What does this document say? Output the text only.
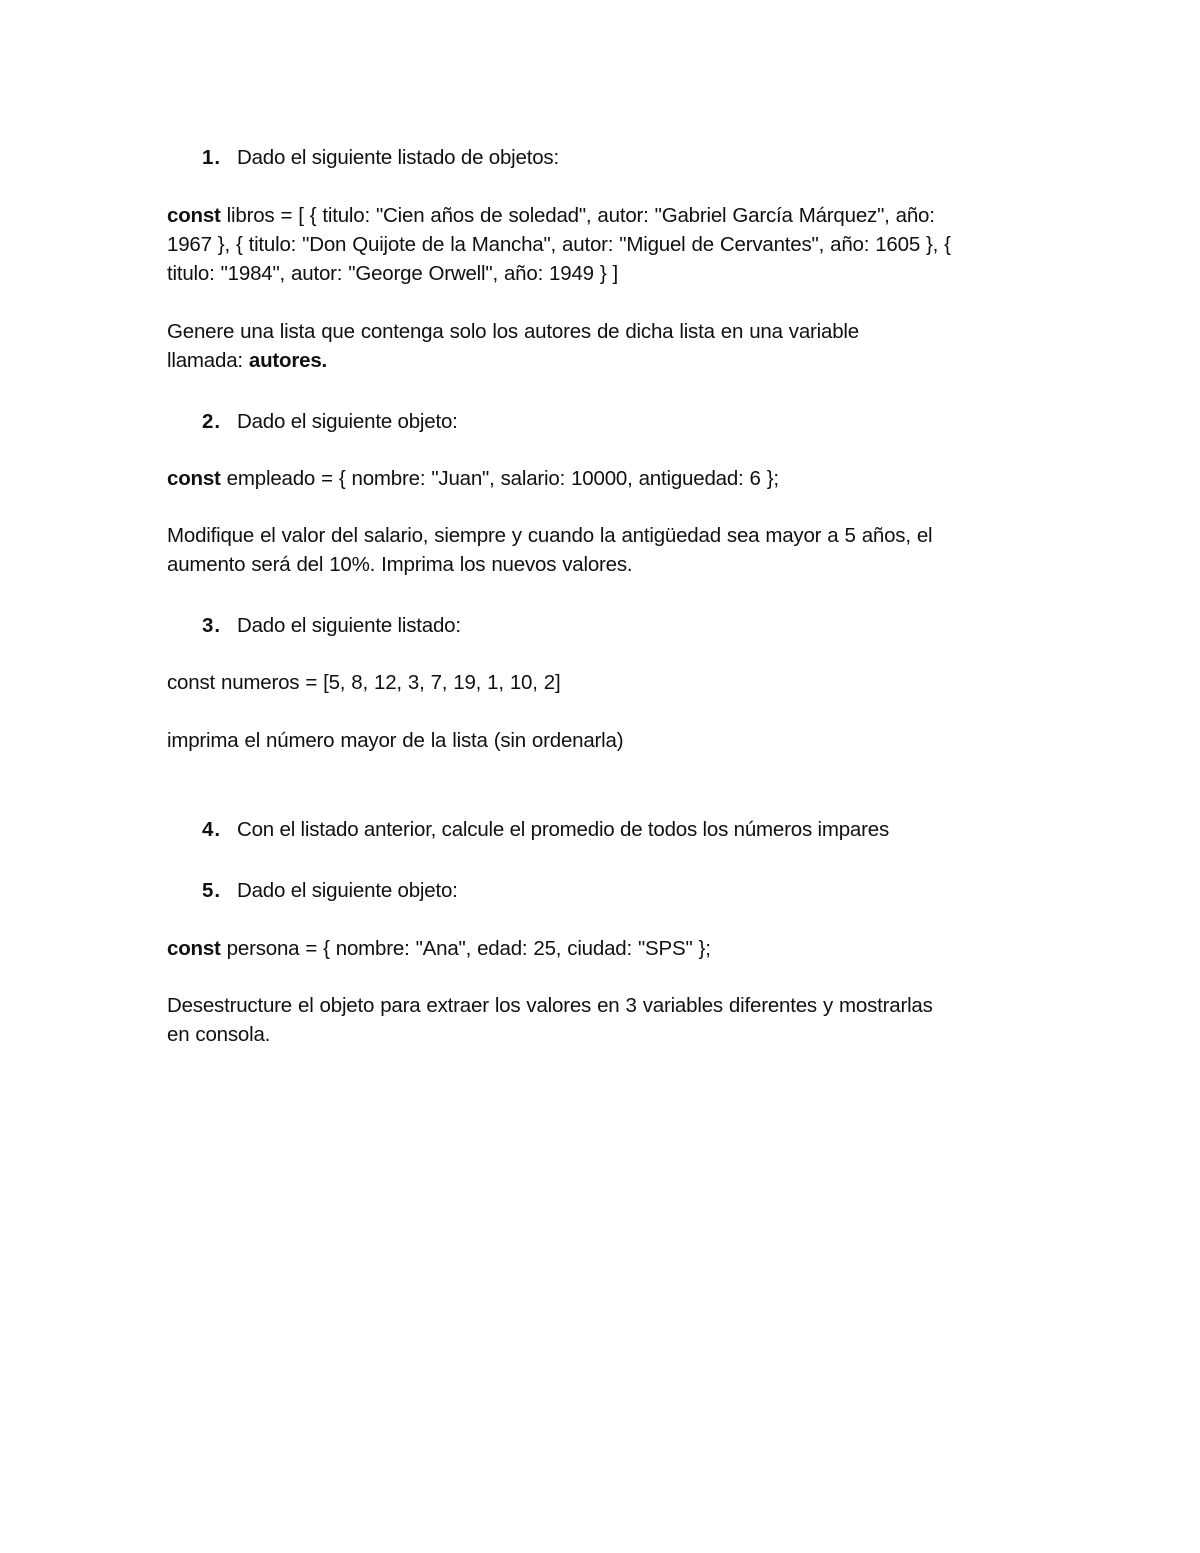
1. Dado el siguiente listado de objetos:
const libros = [ { titulo: "Cien años de soledad", autor: "Gabriel García Márquez", año:
1967 }, { titulo: "Don Quijote de la Mancha", autor: "Miguel de Cervantes", año: 1605 }, {
titulo: "1984", autor: "George Orwell", año: 1949 } ]
Genere una lista que contenga solo los autores de dicha lista en una variable
llamada: autores.
2. Dado el siguiente objeto:
const empleado = { nombre: "Juan", salario: 10000, antiguedad: 6 };
Modifique el valor del salario, siempre y cuando la antigüedad sea mayor a 5 años, el
aumento será del 10%. Imprima los nuevos valores.
3. Dado el siguiente listado:
const numeros = [5, 8, 12, 3, 7, 19, 1, 10, 2]
imprima el número mayor de la lista (sin ordenarla)
4. Con el listado anterior, calcule el promedio de todos los números impares
5. Dado el siguiente objeto:
const persona = { nombre: "Ana", edad: 25, ciudad: "SPS" };
Desestructure el objeto para extraer los valores en 3 variables diferentes y mostrarlas
en consola.
